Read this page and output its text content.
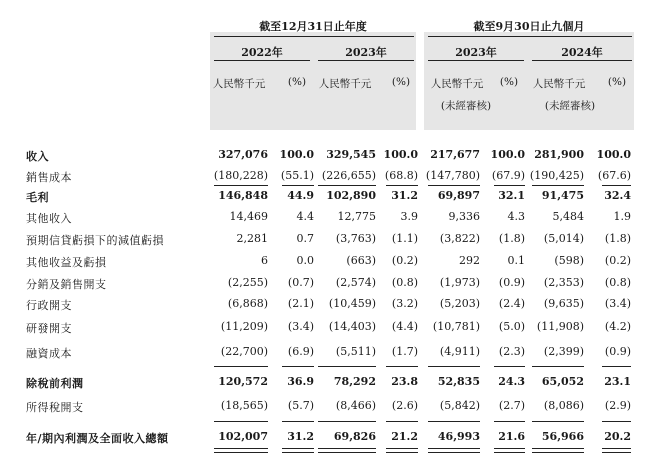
截至12月31日止年度	截至9月30日止九個月
2022年	2023年	2023年	2024年
人民幣千元	(%)	人民幣千元	(%)	人民幣千元	(%)	人民幣千元	(%)
(未經審核)	(未經審核)
收入	327,076 100.0 329,545 100.0 217,677 100.0 281,900 100.0
銷售成本	(180,228) (55.1) (226,655) (68.8) (147,780) (67.9) (190,425) (67.6)
毛利	146,848 44.9 102,890 31.2 69,897 32.1 91,475 32.4
其他收入	14,469	4.4 12,775 3.9	9,336	4.3	5,484	1.9
預期信貸虧損下的減值虧損	2,281	0.7 (3,763) (1.1) (3,822) (1.8) (5,014) (1.8)
其他收益及虧損	6	0.0	(663) (0.2)	292	0.1	(598) (0.2)
分銷及銷售開支	(2,255) (0.7) (2,574) (0.8) (1,973) (0.9) (2,353) (0.8)
行政開支	(6,868) (2.1) (10,459) (3.2) (5,203) (2.4) (9,635) (3.4)
研發開支	(11,209) (3.4) (14,403) (4.4) (10,781) (5.0) (11,908) (4.2)
融資成本	(22,700) (6.9) (5,511) (1.7) (4,911) (2.3) (2,399) (0.9)
除稅前利潤	120,572 36.9 78,292 23.8 52,835 24.3 65,052 23.1
所得稅開支	(18,565) (5.7) (8,466) (2.6) (5,842) (2.7) (8,086) (2.9)
年/期內利潤及全面收入總額	102,007 31.2 69,826 21.2 46,993 21.6 56,966 20.2
